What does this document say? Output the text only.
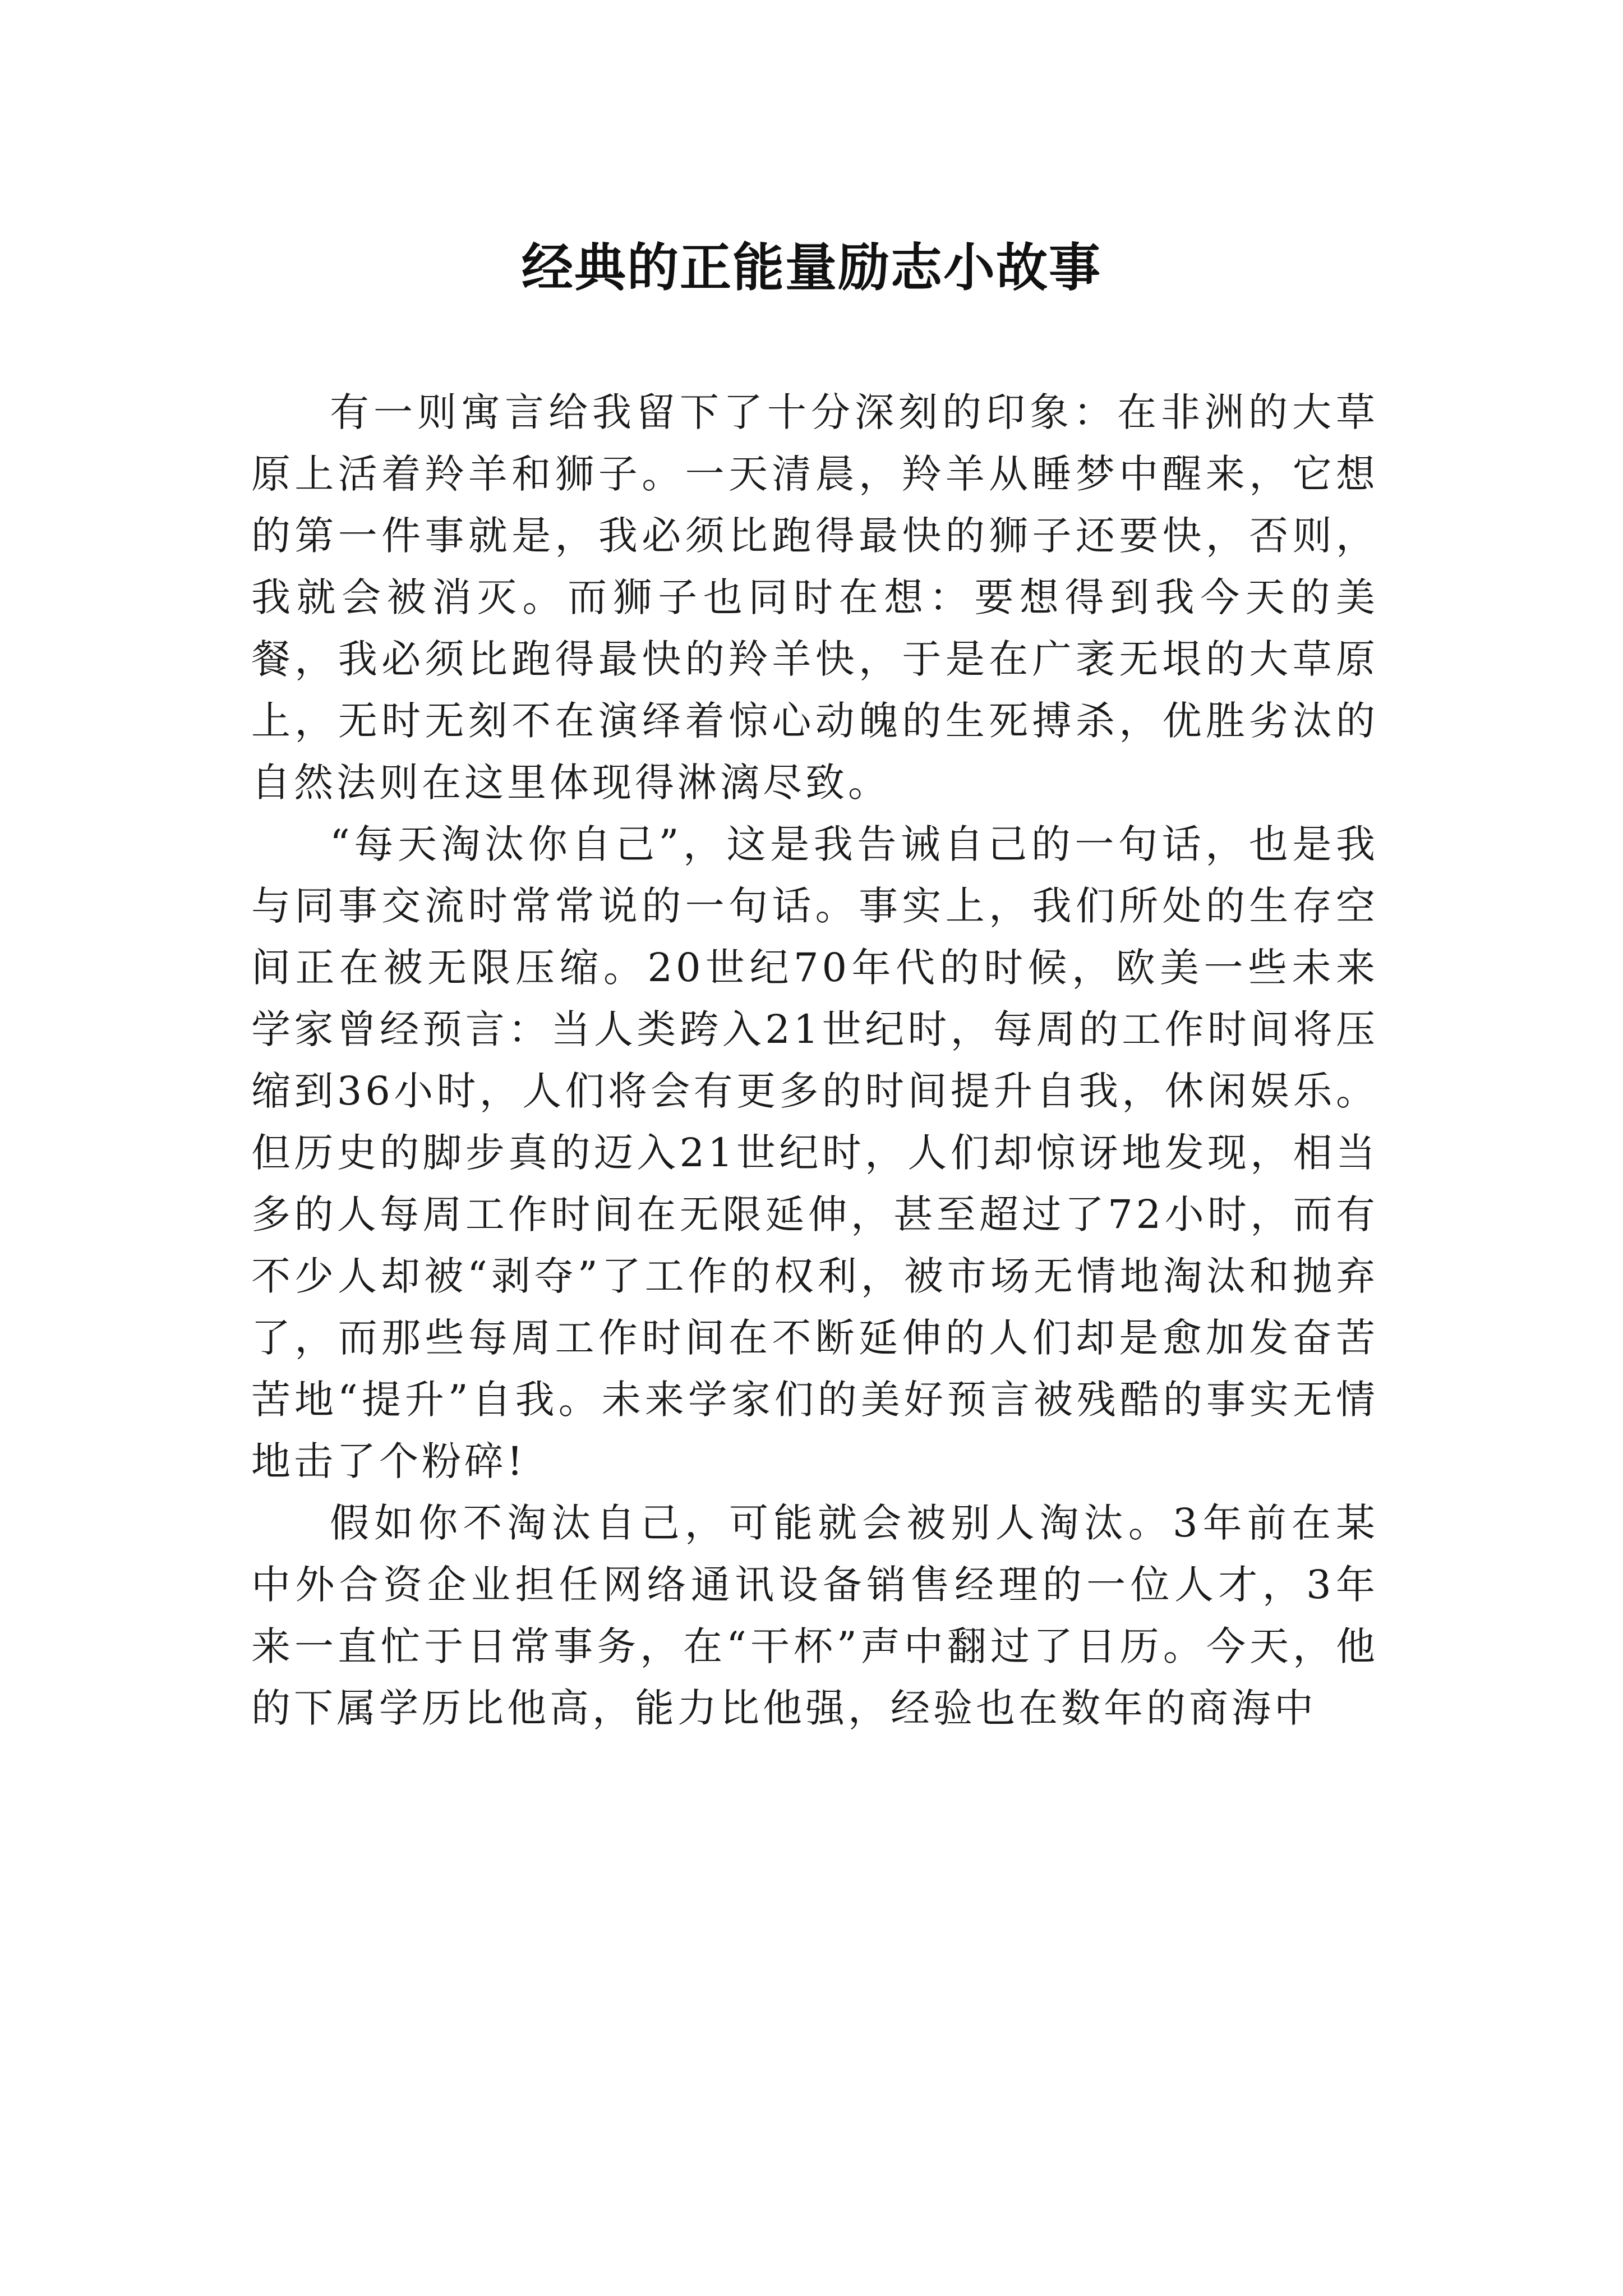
经典的正能量励志小故事

有一则寓言给我留下了十分深刻的印象：在非洲的大草原上活着羚羊和狮子。一天清晨，羚羊从睡梦中醒来，它想的第一件事就是，我必须比跑得最快的狮子还要快，否则，我就会被消灭。而狮子也同时在想：要想得到我今天的美餐，我必须比跑得最快的羚羊快，于是在广袤无垠的大草原上，无时无刻不在演绎着惊心动魄的生死搏杀，优胜劣汰的自然法则在这里体现得淋漓尽致。

“每天淘汰你自己”，这是我告诫自己的一句话，也是我与同事交流时常常说的一句话。事实上，我们所处的生存空间正在被无限压缩。20世纪70年代的时候，欧美一些未来学家曾经预言：当人类跨入21世纪时，每周的工作时间将压缩到36小时，人们将会有更多的时间提升自我，休闲娱乐。但历史的脚步真的迈入21世纪时，人们却惊讶地发现，相当多的人每周工作时间在无限延伸，甚至超过了72小时，而有不少人却被“剥夺”了工作的权利，被市场无情地淘汰和抛弃了，而那些每周工作时间在不断延伸的人们却是愈加发奋苦苦地“提升”自我。未来学家们的美好预言被残酷的事实无情地击了个粉碎!

假如你不淘汰自己，可能就会被别人淘汰。3年前在某中外合资企业担任网络通讯设备销售经理的一位人才，3年来一直忙于日常事务，在“干杯”声中翻过了日历。今天，他的下属学历比他高，能力比他强，经验也在数年的商海中
